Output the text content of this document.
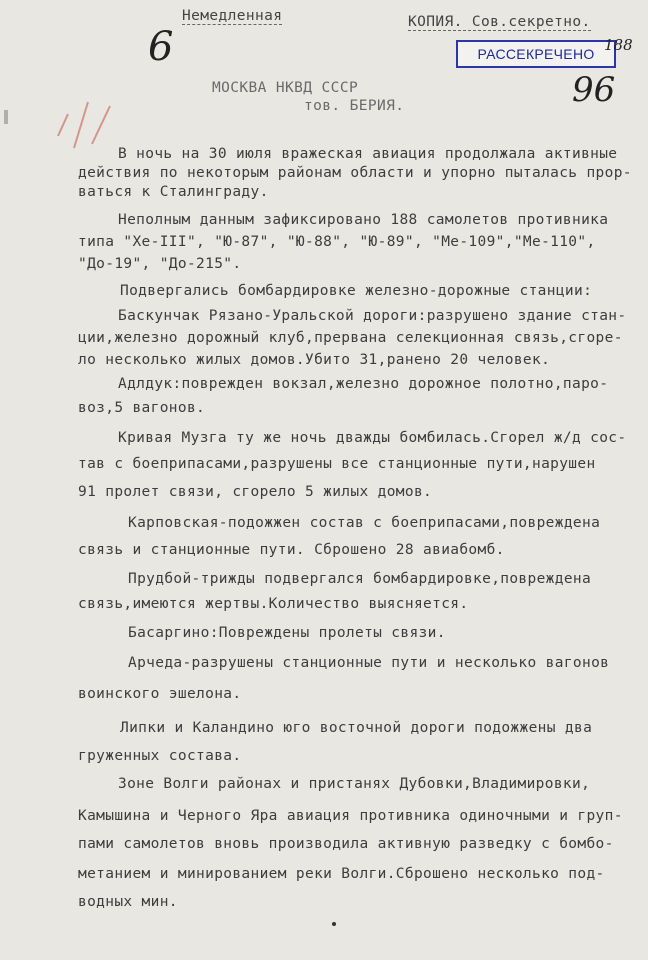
Немедленная	КОПИЯ. Сов.секретно.
РАССЕКРЕЧЕНО
6	188
96
МОСКВА НКВД СССР
тов. БЕРИЯ.
В ночь на 30 июля вражеская авиация продолжала активные
действия по некоторым районам области и упорно пыталась прор-
ваться к Сталинграду.
Неполным данным зафиксировано 188 самолетов противника
типа "Хе-III", "Ю-87", "Ю-88", "Ю-89", "Ме-109","Ме-110",
"До-19", "До-215".
Подвергались бомбардировке железно-дорожные станции:
Баскунчак Рязано-Уральской дороги:разрушено здание стан-
ции,железно дорожный клуб,прервана селекционная связь,сгоре-
ло несколько жилых домов.Убито 31,ранено 20 человек.
Адлдук:поврежден вокзал,железно дорожное полотно,паро-
воз,5 вагонов.
Кривая Музга ту же ночь дважды бомбилась.Сгорел ж/д сос-
тав с боеприпасами,разрушены все станционные пути,нарушен
91 пролет связи, сгорело 5 жилых домов.
Карповская-подожжен состав с боеприпасами,повреждена
связь и станционные пути. Сброшено 28 авиабомб.
Прудбой-трижды подвергался бомбардировке,повреждена
связь,имеются жертвы.Количество выясняется.
Басаргино:Повреждены пролеты связи.
Арчеда-разрушены станционные пути и несколько вагонов
воинского эшелона.
Липки и Каландино юго восточной дороги подожжены два
груженных состава.
Зоне Волги районах и пристанях Дубовки,Владимировки,
Камышина и Черного Яра авиация противника одиночными и груп-
пами самолетов вновь производила активную разведку с бомбо-
метанием и минированием реки Волги.Сброшено несколько под-
водных мин.
